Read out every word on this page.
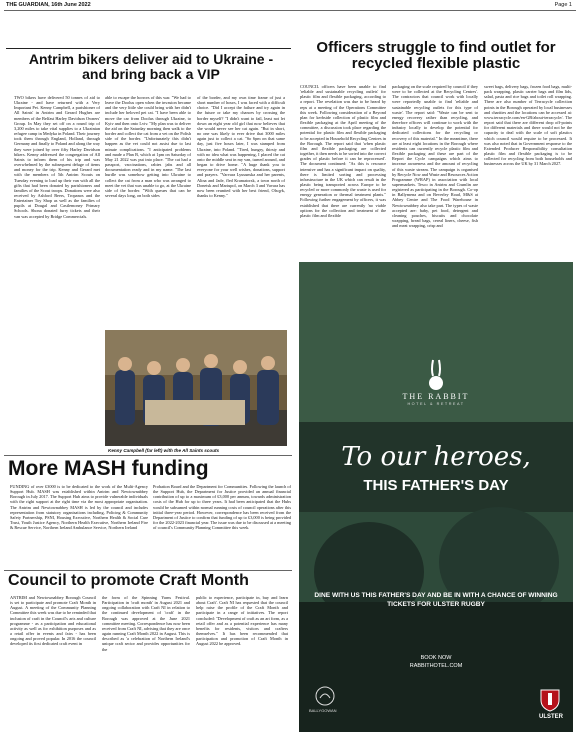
THE GUARDIAN, 16th June 2022	Page 1
Antrim bikers deliver aid to Ukraine - and bring back a VIP
TWO bikers have delivered 50 tonnes of aid to Ukraine - and have returned with a Very Important Pet. Kenny Campbell, a parishioner of All Saints' in Antrim and Gerard Hughes are members of the Belfast Harley Davidson Owners' Group. In May they set off on a round trip of 3,200 miles to take vital supplies to a Ukrainian refugee camp in Medyka in Poland. Their journey took them through England, Holland, through Germany and finally to Poland and along the way they were joined by over fifty Harley Davidson bikers. Kenny addressed the congregation of All Saints to inform them of his trip and was overwhelmed by the subsequent deluge of items and money for the trip. Kenny and Gerard met with the members of 5th Antrim Scouts on Tuesday evening to load up their van with all the gifts that had been donated by parishioners and families of the Scout troops. Donations were also received by Ashford Beers, Tropanos and the Entertainer Toy Shop as well as the families of pupils at Dougal and Castlemoney Primary Schools. Shona donated furry tickets and their van was accepted by Bridge Commercials.
able to escape the horrors of this war. "We had to leave the Doolus open when the invasion became and the very little she could bring with her didn't include her beloved pet cat. "I have been able to move the car from Doolus through Ukraine, to Kyiv and then onto Lviv. "My plan was to deliver the aid on the Saturday morning then walk to the border and collect the cat from a vet on the Polish side of the border. "Unfortunately this didn't happen as the vet could not assist due to last minute complications. "I anticipated problems and made a Plan B, which at 1pm on Saturday of May 21 2022 was put into place. "The cat had a passport, vaccinations, rabies jabs and all documentation ready and in my name. "The last hurdle was somehow getting into Ukraine to collect the cat from a man who was arranged to meet the vet that was unable to go, at the Ukraine side of the border. "With queues that can be several days long, on both sides
of the border, and my own time frame of just a short number of hours, I was faced with a difficult choice. "Did I accept the failure and try again in the future or take my chances by crossing the border myself? "I didn't want to fail, least not let down an eight year old girl that now believes that she would never see her cat again. "But in short, no one was likely to ever drive that 3000 miles again just to collect a cat. "So 6pm on that same day, just five hours later, I was stamped from Ukraine, into Poland. "Tired, hungry, thirsty and with no idea what was happening, I placed the cat onto the middle seat in my van, turned around, and began to drive home. "A huge thank you to everyone for your well wishes, donations, support and prayers. "Varvara Lyusunska and her parents, Alina and Jade, fled Kramatorsk, a town north of Donetsk and Mariupol, on March 3 and Vavara has now been reunited with her best friend, Olsqyk, thanks to Kenny."
Kenny Campbell (far left) with the All Saints scouts
Officers struggle to find outlet for recycled flexible plastic
COUNCIL officers have been unable to find 'reliable and sustainable recycling outlets' for plastic film and flexible packaging, according to a report. The revelation was due to be heard by reps at a meeting of the Operations Committee this week. Following consideration of a Beyond plan for kerbside collection of plastic film and flexible packaging at the April meeting of the committee, a discussion took place regarding the potential for plastic film and flexible packaging to be accepted in Household Recycling Centres in the Borough. The report said that 'when plastic film and flexible packaging are collected together, it then needs to be sorted into the correct grades of plastic before it can be reprocessed'. The document continued: "As this is resource intensive and has a significant impact on quality, there is limited sorting and processing infrastructure in the UK which can result in the plastic being transported across Europe to be recycled or more commonly the waste is used for energy generation or thermal treatment plants." Following further engagement by officers, it was established that there are currently 'no viable options for the collection and treatment of the plastic film and flexible
packaging on the scale required by council if they were to be collected at the Recycling Centres'. The contractors that council work with locally were reportedly unable to find 'reliable and sustainable recycling outlets for this type of waste'. The report said: "Waste can be sent to energy recovery rather than recycling, and therefore officers will continue to work with the industry locally to develop the potential for dedicated collections for the recycling or recovery of this material." In the meantime, there are at least eight locations in the Borough where residents can currently recycle plastic film and flexible packaging and these are part of the Report the Cycle campaigns which aims to increase awareness and the amount of recycling of this waste stream. The campaign is organised by Recycle Now and Waste and Resources Action Programme (WRAP) in association with local supermarkets. Tesco in Antrim and Crumlin are registered as participating in the Borough. Co-op in Ballymena and on Beverley Road, M&S at Abbey Centre and The Food Warehouse in Newtownabbey also take part. The types of waste accepted are: baby, pet food, detergent and cleaning pouches, biscuits and chocolate wrapping, bread bags, cereal liners, cheese, fish and meat wrapping, crisp and
sweet bags, delivery bags, frozen food bags, multi-pack wrapping, plastic carrier bags and film lids, salad, pasta and rice bags and toilet roll wrapping. There are also number of Terracycle collection points in the Borough operated by local businesses and charities and the locations can be accessed at: www.terracycle.com/en-GB/about-terracycle/. The report said that there are different drop off-points for different materials and there would not be the capacity to deal with the scale of soft plastics which council would require to be processed. It was also noted that in Government response to the Extended Producer Responsibility consultation plastic film and flexible packaging is to be collected for recycling from both households and businesses across the UK by 31 March 2027.
More MASH funding
FUNDING of over £3000 is to be dedicated to the work of the Multi-Agency Support Hub. MASH was established within Antrim and Newtownabbey Borough in July 2017. The Support Hub aims to provide vulnerable individuals with the right support at the right time via the most appropriate organisation. The Antrim and Newtownabbey MASH is led by the council and includes representation from statutory organisations including, Policing & Community Safety Partnership, PSNI, Housing Executive, Northern Health & Social Care Trust, Youth Justice Agency, Northern Health Executive, Northern Ireland Fire & Rescue Service, Northern Ireland Ambulance Service, Northern Ireland
Probation Board and the Department for Communities. Following the launch of the Support Hub, the Department for Justice provided an annual financial contribution of up to a maximum of £3,000 per annum, towards administration costs of the Hub for up to three years. It had been anticipated that the Hubs would be subsumed within normal running costs of council operations after this initial three-year period. However, correspondence has been received from the Department of Justice to confirm that funding of up to £3,000 is being provided for the 2022-2023 financial year. The issue was due to be discussed at a meeting of council's Community Planning Committee this week.
Council to promote Craft Month
ANTRIM and Newtownabbey Borough Council is set to participate and promote Craft Month in August. A meeting of the Community Planning Committee this week was due to be reminded that inclusion of craft in the Council's arts and culture programme - as a participation and educational activity as well as for exhibition purposes and as a retail offer in events and fairs - has been ongoing and proved popular. In 2016 the council developed its first dedicated craft event in
the form of the Spinning Yarns Festival. Participation in 'craft month' in August 2021 and ongoing collaboration with Craft NI in relation to the continued development of 'craft' in the Borough was approved at the June 2021 committee meeting. Correspondence has now been received from Craft NI, advising that they are once again running Craft Month 2022 in August. This is described as 'a celebration of Northern Ireland's unique craft sector and provides opportunities for the
public to experience, participate in, buy and learn about Craft'. Craft NI has requested that the council help raise the profile of the Craft Month and participate in a range of initiatives. The report concluded: "Development of craft as an art form, as a retail offer and as a potential experience has many benefits for residents, visitors and crafters themselves." It has been recommended that participation and promotion of Craft Month in August 2022 be approved.
THE RABBIT
HOTEL & RETREAT
To our heroes,
THIS FATHER'S DAY
DINE WITH US THIS FATHER'S DAY AND BE IN WITH A CHANCE OF WINNING TICKETS FOR ULSTER RUGBY
BOOK NOW
RABBITHOTEL.COM
BALLYGOWAN
ULSTER
